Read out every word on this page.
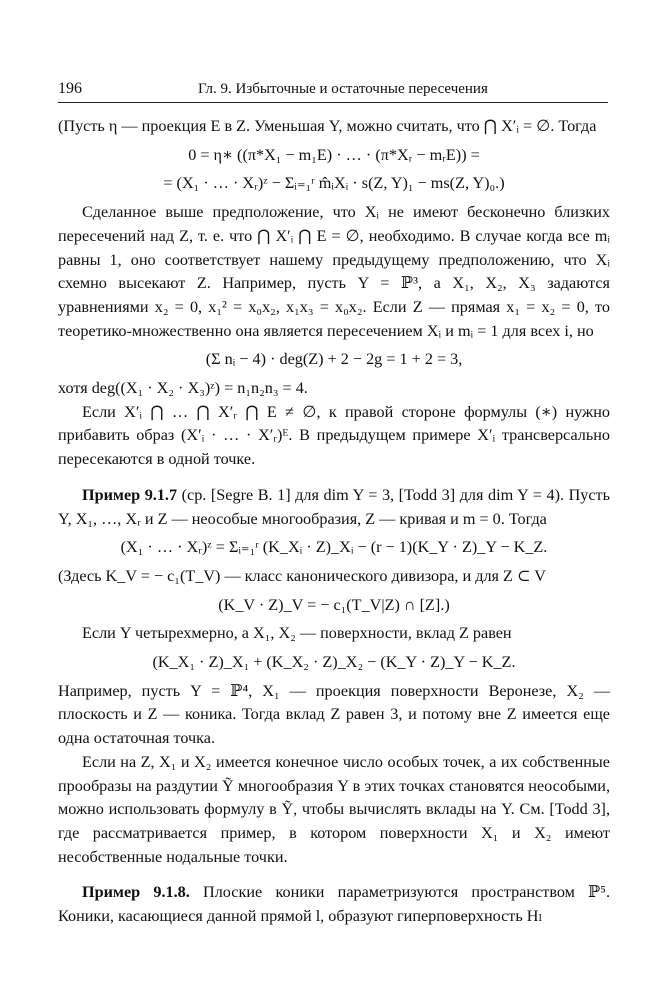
196	Гл. 9. Избыточные и остаточные пересечения

(Пусть η — проекция E в Z. Уменьшая Y, можно считать, что ⋂ X′ᵢ = ∅. Тогда

0 = η∗ ((π*X₁ − m₁E) · … · (π*Xᵣ − mᵣE)) =
= (X₁ · … · Xᵣ)ᶻ − Σᵢ₌₁ʳ m̂ᵢXᵢ · s(Z, Y)₁ − ms(Z, Y)₀.)

Сделанное выше предположение, что Xᵢ не имеют бесконечно близких пересечений над Z, т. е. что ⋂ X′ᵢ ⋂ E = ∅, необходимо. В случае когда все mᵢ равны 1, оно соответствует нашему предыдущему предположению, что Xᵢ схемно высекают Z. Например, пусть Y = ℙ³, а X₁, X₂, X₃ задаются уравнениями x₂ = 0, x₁² = x₀x₂, x₁x₃ = x₀x₂. Если Z — прямая x₁ = x₂ = 0, то теоретико-множественно она является пересечением Xᵢ и mᵢ = 1 для всех i, но

(Σ nᵢ − 4) · deg(Z) + 2 − 2g = 1 + 2 = 3,

хотя deg((X₁ · X₂ · X₃)ᶻ) = n₁n₂n₃ = 4.

Если X′ᵢ ⋂ … ⋂ X′ᵣ ⋂ E ≠ ∅, к правой стороне формулы (∗) нужно прибавить образ (X′ᵢ · … · X′ᵣ)ᴱ. В предыдущем примере X′ᵢ трансверсально пересекаются в одной точке.

Пример 9.1.7 (ср. [Segre B. 1] для dim Y = 3, [Todd 3] для dim Y = 4). Пусть Y, X₁, …, Xᵣ и Z — неособые многообразия, Z — кривая и m = 0. Тогда

(X₁ · … · Xᵣ)ᶻ = Σᵢ₌₁ʳ (K_Xᵢ · Z)_Xᵢ − (r − 1)(K_Y · Z)_Y − K_Z.

(Здесь K_V = − c₁(T_V) — класс канонического дивизора, и для Z ⊂ V

(K_V · Z)_V = − c₁(T_V|Z) ∩ [Z].)

Если Y четырехмерно, а X₁, X₂ — поверхности, вклад Z равен

(K_X₁ · Z)_X₁ + (K_X₂ · Z)_X₂ − (K_Y · Z)_Y − K_Z.

Например, пусть Y = ℙ⁴, X₁ — проекция поверхности Веронезе, X₂ — плоскость и Z — коника. Тогда вклад Z равен 3, и потому вне Z имеется еще одна остаточная точка.

Если на Z, X₁ и X₂ имеется конечное число особых точек, а их собственные прообразы на раздутии Ỹ многообразия Y в этих точках становятся неособыми, можно использовать формулу в Ỹ, чтобы вычислять вклады на Y. См. [Todd 3], где рассматривается пример, в котором поверхности X₁ и X₂ имеют несобственные нодальные точки.

Пример 9.1.8. Плоские коники параметризуются пространством ℙ⁵. Коники, касающиеся данной прямой l, образуют гиперповерхность Hₗ
